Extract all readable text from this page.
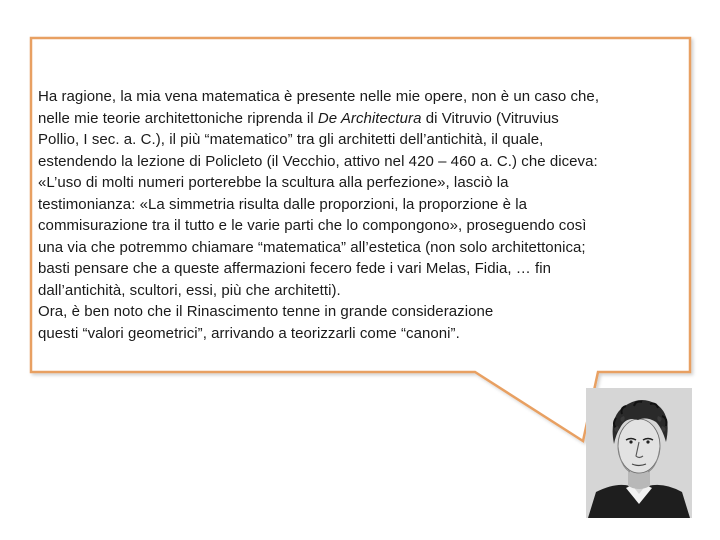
Ha ragione, la mia vena matematica è presente nelle mie opere, non è un caso che,

nelle mie teorie architettoniche riprenda il De Architectura di Vitruvio (Vitruvius

Pollio, I sec. a. C.), il più “matematico” tra gli architetti dell’antichità, il quale,

estendendo la lezione di Policleto (il Vecchio, attivo nel 420 – 460 a. C.) che diceva:

«L’uso di molti numeri porterebbe la scultura alla perfezione», lasciò la

testimonianza: «La simmetria risulta dalle proporzioni, la proporzione è la

commisurazione tra il tutto e le varie parti che lo compongono», proseguendo così

una via che potremmo chiamare “matematica” all’estetica (non solo architettonica;

basti pensare che a queste affermazioni fecero fede i vari Melas, Fidia, … fin

dall’antichità, scultori, essi, più che architetti).

Ora, è ben noto che il Rinascimento tenne in grande considerazione

questi “valori geometrici”, arrivando a teorizzarli come “canoni”.
